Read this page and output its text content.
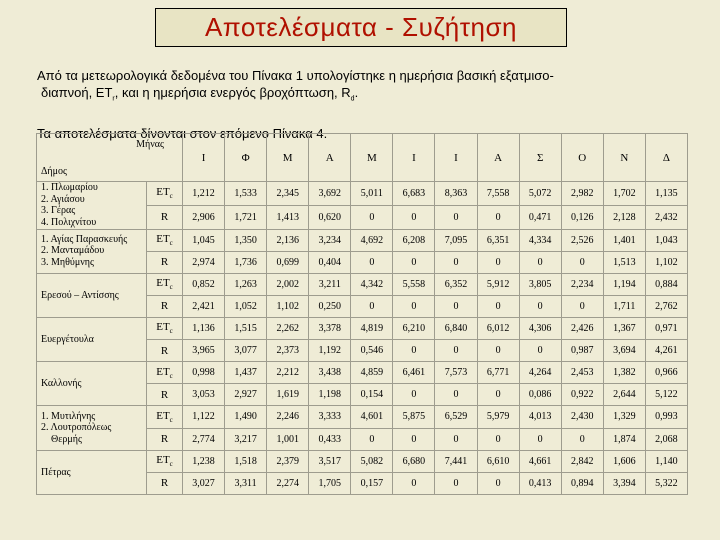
Αποτελέσματα - Συζήτηση

Από τα μετεωρολογικά δεδομένα του Πίνακα 1 υπολογίστηκε η ημερήσια βασική εξατμισο-

διαπνοή, $ET_r$, και η ημερήσια ενεργός βροχόπτωση, $R_d$.

Τα αποτελέσματα δίνονται στον επόμενο Πίνακα 4.

Μήνας
Δήμος		Ι	Φ	Μ	Α	Μ	Ι	Ι	Α	Σ	Ο	Ν	Δ

1. Πλωμαρίου
2. Αγιάσου
3. Γέρας
4. Πολιχνίτου	$ET_c$	1,212	1,533	2,345	3,692	5,011	6,683	8,363	7,558	5,072	2,982	1,702	1,135
	R	2,906	1,721	1,413	0,620	0	0	0	0	0,471	0,126	2,128	2,432

1. Αγίας Παρασκευής
2. Μανταμάδου
3. Μηθύμνης	$ET_c$	1,045	1,350	2,136	3,234	4,692	6,208	7,095	6,351	4,334	2,526	1,401	1,043
	R	2,974	1,736	0,699	0,404	0	0	0	0	0	0	1,513	1,102

Ερεσού – Αντίσσης	$ET_c$	0,852	1,263	2,002	3,211	4,342	5,558	6,352	5,912	3,805	2,234	1,194	0,884
	R	2,421	1,052	1,102	0,250	0	0	0	0	0	0	1,711	2,762

Ευεργέτουλα	$ET_c$	1,136	1,515	2,262	3,378	4,819	6,210	6,840	6,012	4,306	2,426	1,367	0,971
	R	3,965	3,077	2,373	1,192	0,546	0	0	0	0	0,987	3,694	4,261

Καλλονής	$ET_c$	0,998	1,437	2,212	3,438	4,859	6,461	7,573	6,771	4,264	2,453	1,382	0,966
	R	3,053	2,927	1,619	1,198	0,154	0	0	0	0,086	0,922	2,644	5,122

1. Μυτιλήνης
2. Λουτροπόλεως
Θερμής	$ET_c$	1,122	1,490	2,246	3,333	4,601	5,875	6,529	5,979	4,013	2,430	1,329	0,993
	R	2,774	3,217	1,001	0,433	0	0	0	0	0	0	1,874	2,068

Πέτρας	$ET_c$	1,238	1,518	2,379	3,517	5,082	6,680	7,441	6,610	4,661	2,842	1,606	1,140
	R	3,027	3,311	2,274	1,705	0,157	0	0	0	0,413	0,894	3,394	5,322
